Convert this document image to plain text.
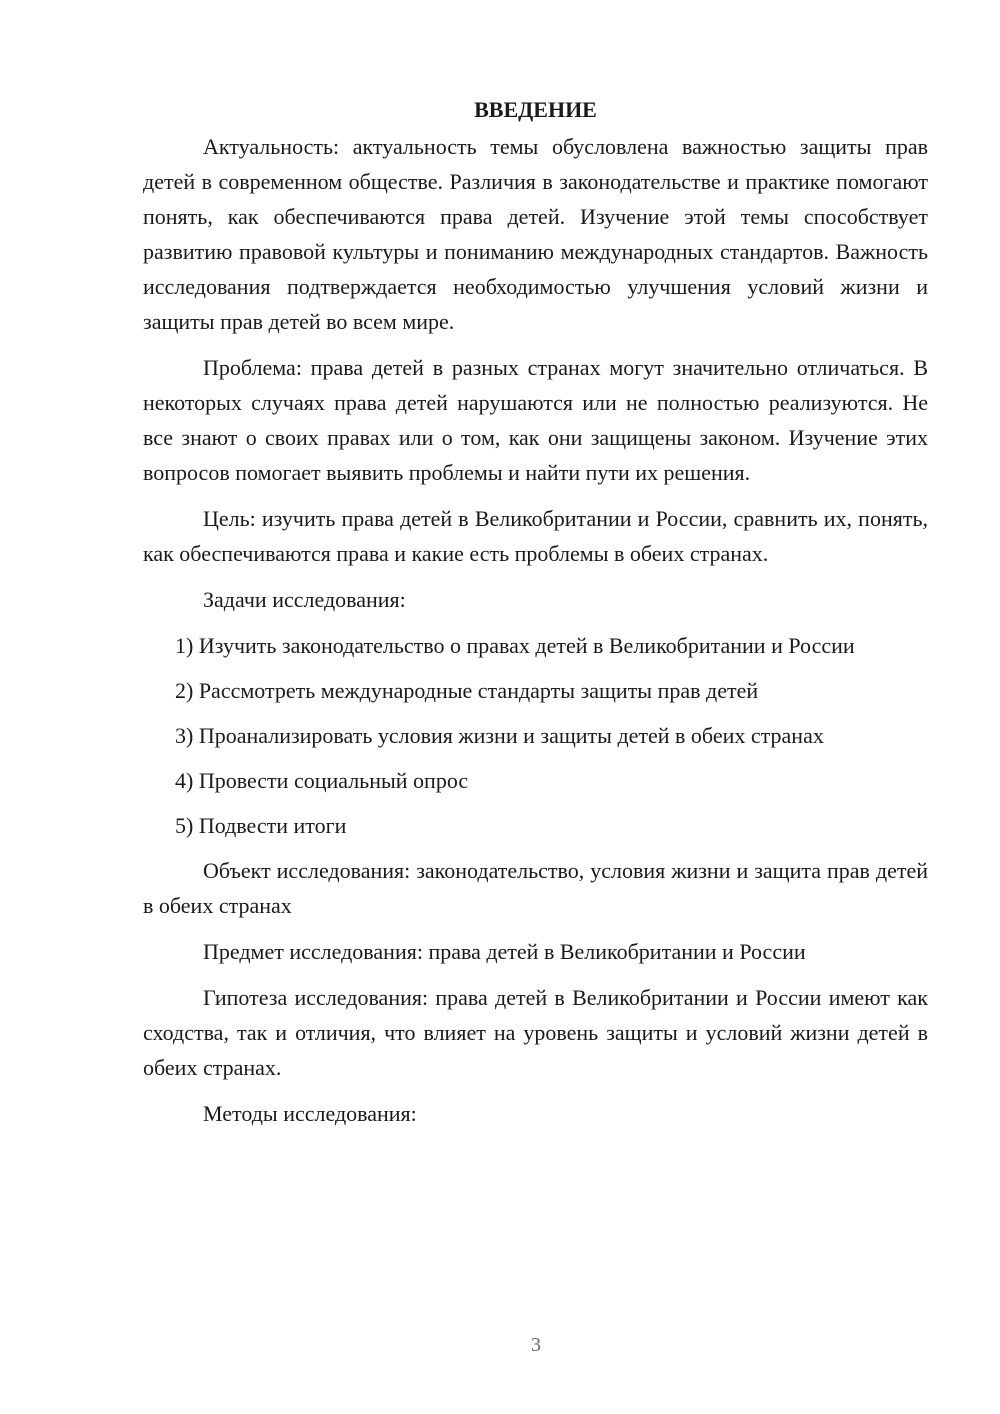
ВВЕДЕНИЕ

Актуальность: актуальность темы обусловлена важностью защиты прав детей в современном обществе. Различия в законодательстве и практике помогают понять, как обеспечиваются права детей. Изучение этой темы способствует развитию правовой культуры и пониманию международных стандартов. Важность исследования подтверждается необходимостью улучшения условий жизни и защиты прав детей во всем мире.

Проблема: права детей в разных странах могут значительно отличаться. В некоторых случаях права детей нарушаются или не полностью реализуются. Не все знают о своих правах или о том, как они защищены законом. Изучение этих вопросов помогает выявить проблемы и найти пути их решения.

Цель: изучить права детей в Великобритании и России, сравнить их, понять, как обеспечиваются права и какие есть проблемы в обеих странах.

Задачи исследования:

1) Изучить законодательство о правах детей в Великобритании и России

2) Рассмотреть международные стандарты защиты прав детей

3) Проанализировать условия жизни и защиты детей в обеих странах

4) Провести социальный опрос

5) Подвести итоги

Объект исследования: законодательство, условия жизни и защита прав детей в обеих странах

Предмет исследования: права детей в Великобритании и России

Гипотеза исследования: права детей в Великобритании и России имеют как сходства, так и отличия, что влияет на уровень защиты и условий жизни детей в обеих странах.

Методы исследования:

3
